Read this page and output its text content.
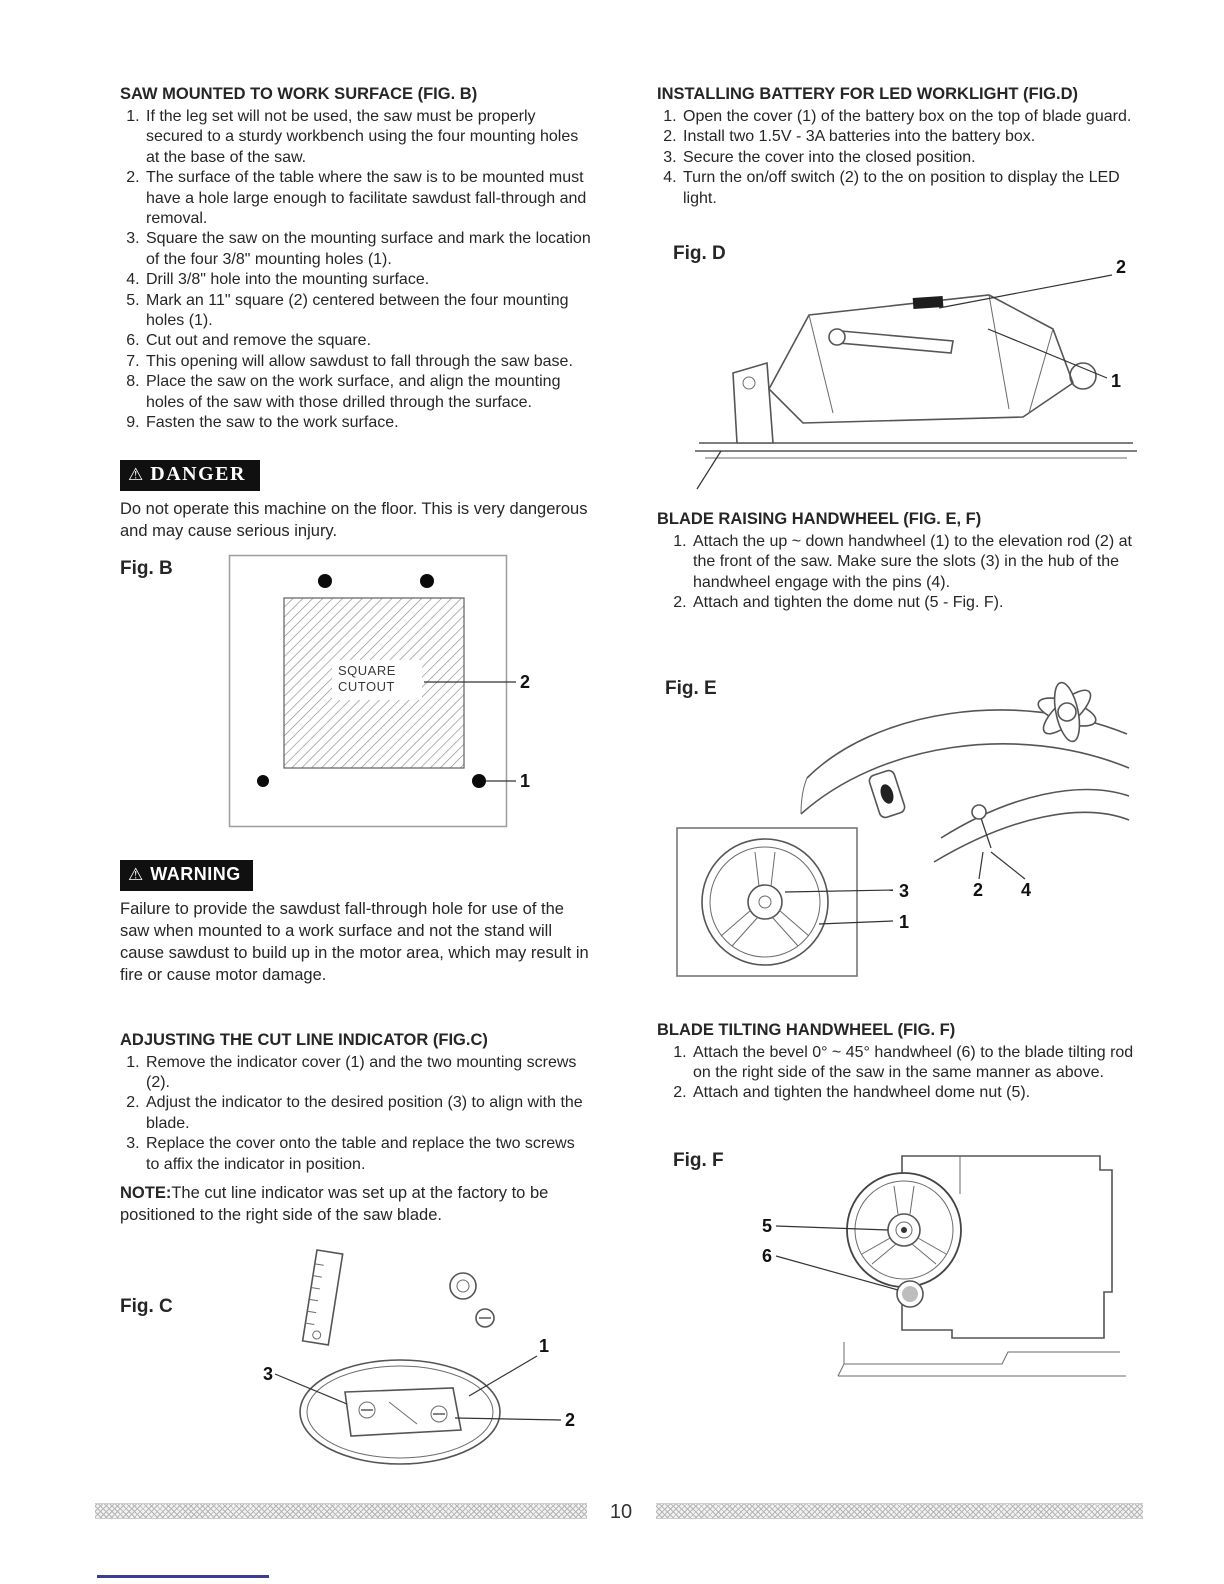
SAW MOUNTED TO WORK SURFACE (FIG. B)
1. If the leg set will not be used, the saw must be properly secured to a sturdy workbench using the four mounting holes at the base of the saw.
2. The surface of the table where the saw is to be mounted must have a hole large enough to facilitate sawdust fall-through and removal.
3. Square the saw on the mounting surface and mark the location of the four 3/8" mounting holes (1).
4. Drill 3/8" hole into the mounting surface.
5. Mark an 11" square (2) centered between the four mounting holes (1).
6. Cut out and remove the square.
7. This opening will allow sawdust to fall through the saw base.
8. Place the saw on the work surface, and align the mounting holes of the saw with those drilled through the surface.
9. Fasten the saw to the work surface.
⚠ DANGER

Do not operate this machine on the floor. This is very dangerous and may cause serious injury.

Fig. B
SQUARE
CUTOUT	2
1
⚠ WARNING

Failure to provide the sawdust fall-through hole for use of the saw when mounted to a work surface and not the stand will cause sawdust to build up in the motor area, which may result in fire or cause motor damage.

ADJUSTING THE CUT LINE INDICATOR (FIG.C)
1. Remove the indicator cover (1) and the two mounting screws (2).
2. Adjust the indicator to the desired position (3) to align with the blade.
3. Replace the cover onto the table and replace the two screws to affix the indicator in position.

NOTE:The cut line indicator was set up at the factory to be positioned to the right side of the saw blade.

Fig. C
3
1
2
INSTALLING BATTERY FOR LED WORKLIGHT (FIG.D)
1. Open the cover (1) of the battery box on the top of blade guard.
2. Install two 1.5V - 3A batteries into the battery box.
3. Secure the cover into the closed position.
4. Turn the on/off switch (2) to the on position to display the LED light.
Fig. D
2
1
BLADE RAISING HANDWHEEL (FIG. E, F)
1. Attach the up ~ down handwheel (1) to the elevation rod (2) at the front of the saw. Make sure the slots (3) in the hub of the handwheel engage with the pins (4).
2. Attach and tighten the dome nut (5 - Fig. F).
Fig. E
3
1
2 4
BLADE TILTING HANDWHEEL (FIG. F)
1. Attach the bevel 0° ~ 45° handwheel (6) to the blade tilting rod on the right side of the saw in the same manner as above.
2. Attach and tighten the handwheel dome nut (5).
Fig. F
5
6
10
